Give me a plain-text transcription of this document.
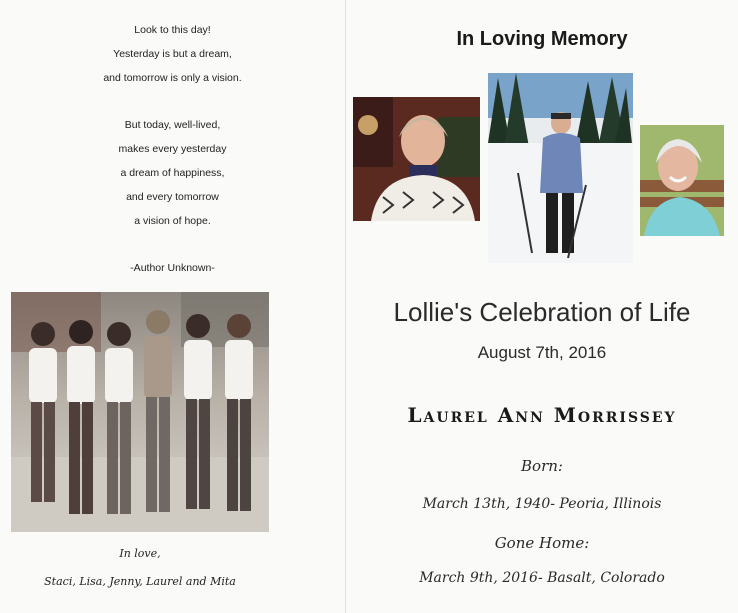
Look to this day!
Yesterday is but a dream,
and tomorrow is only a vision.
But today, well-lived,
makes every yesterday
a dream of happiness,
and every tomorrow
a vision of hope.
-Author Unknown-
In love,
Staci, Lisa, Jenny, Laurel and Mita
In Loving Memory
Lollie's Celebration of Life
August 7th, 2016
Laurel Ann Morrissey
Born:
March 13th, 1940- Peoria, Illinois
Gone Home:
March 9th, 2016- Basalt, Colorado
